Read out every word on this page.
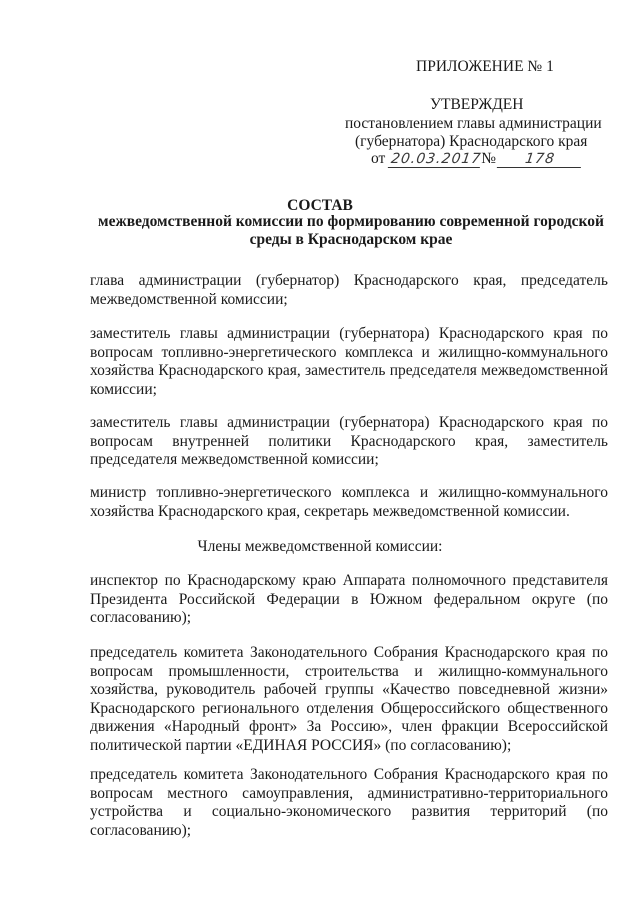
ПРИЛОЖЕНИЕ № 1
УТВЕРЖДЕН
постановлением главы администрации
(губернатора) Краснодарского края
от
20.03.2017
№	178
СОСТАВ
межведомственной комиссии по формированию современной городской среды в Краснодарском крае

глава администрации (губернатор) Краснодарского края, председатель межведомственной комиссии;

заместитель главы администрации (губернатора) Краснодарского края по вопросам топливно-энергетического комплекса и жилищно-коммунального хозяйства Краснодарского края, заместитель председателя межведомственной комиссии;

заместитель главы администрации (губернатора) Краснодарского края по вопросам внутренней политики Краснодарского края, заместитель председателя межведомственной комиссии;

министр топливно-энергетического комплекса и жилищно-коммунального хозяйства Краснодарского края, секретарь межведомственной комиссии.

Члены межведомственной комиссии:

инспектор по Краснодарскому краю Аппарата полномочного представителя Президента Российской Федерации в Южном федеральном округе (по согласованию);

председатель комитета Законодательного Собрания Краснодарского края по вопросам промышленности, строительства и жилищно-коммунального хозяйства, руководитель рабочей группы «Качество повседневной жизни» Краснодарского регионального отделения Общероссийского общественного движения «Народный фронт» За Россию», член фракции Всероссийской политической партии «ЕДИНАЯ РОССИЯ» (по согласованию);

председатель комитета Законодательного Собрания Краснодарского края по вопросам местного самоуправления, административно-территориального устройства и социально-экономического развития территорий (по согласованию);
